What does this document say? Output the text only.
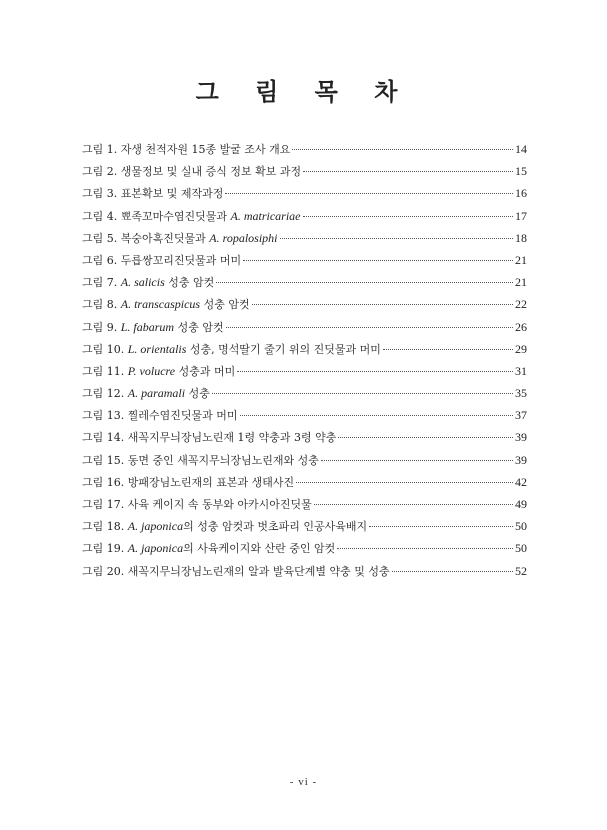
그 림 목 차
그림 1. 자생 천적자원 15종 발굴 조사 개요	14
그림 2. 생물정보 및 실내 증식 정보 확보 과정	15
그림 3. 표본확보 및 제작과정	16
그림 4. 뾰족꼬마수염진딧물과 A. matricariae	17
그림 5. 복숭아혹진딧물과 A. ropalosiphi	18
그림 6. 두릅쌍꼬리진딧물과 머미	21
그림 7. A. salicis 성충 암컷	21
그림 8. A. transcaspicus 성충 암컷	22
그림 9. L. fabarum 성충 암컷	26
그림 10. L. orientalis 성충, 명석딸기 줄기 위의 진딧물과 머미	29
그림 11. P. volucre 성충과 머미	31
그림 12. A. paramali 성충	35
그림 13. 찔레수염진딧물과 머미	37
그림 14. 새꼭지무늬장님노린재 1령 약충과 3령 약충	39
그림 15. 동면 중인 새꼭지무늬장님노린재와 성충	39
그림 16. 방패장님노린재의 표본과 생태사진	42
그림 17. 사육 케이지 속 동부와 아카시아진딧물	49
그림 18. A. japonica의 성충 암컷과 벗초파리 인공사육배지	50
그림 19. A. japonica의 사육케이지와 산란 중인 암컷	50
그림 20. 새꼭지무늬장님노린재의 알과 발육단계별 약충 및 성충	52
- vi -
